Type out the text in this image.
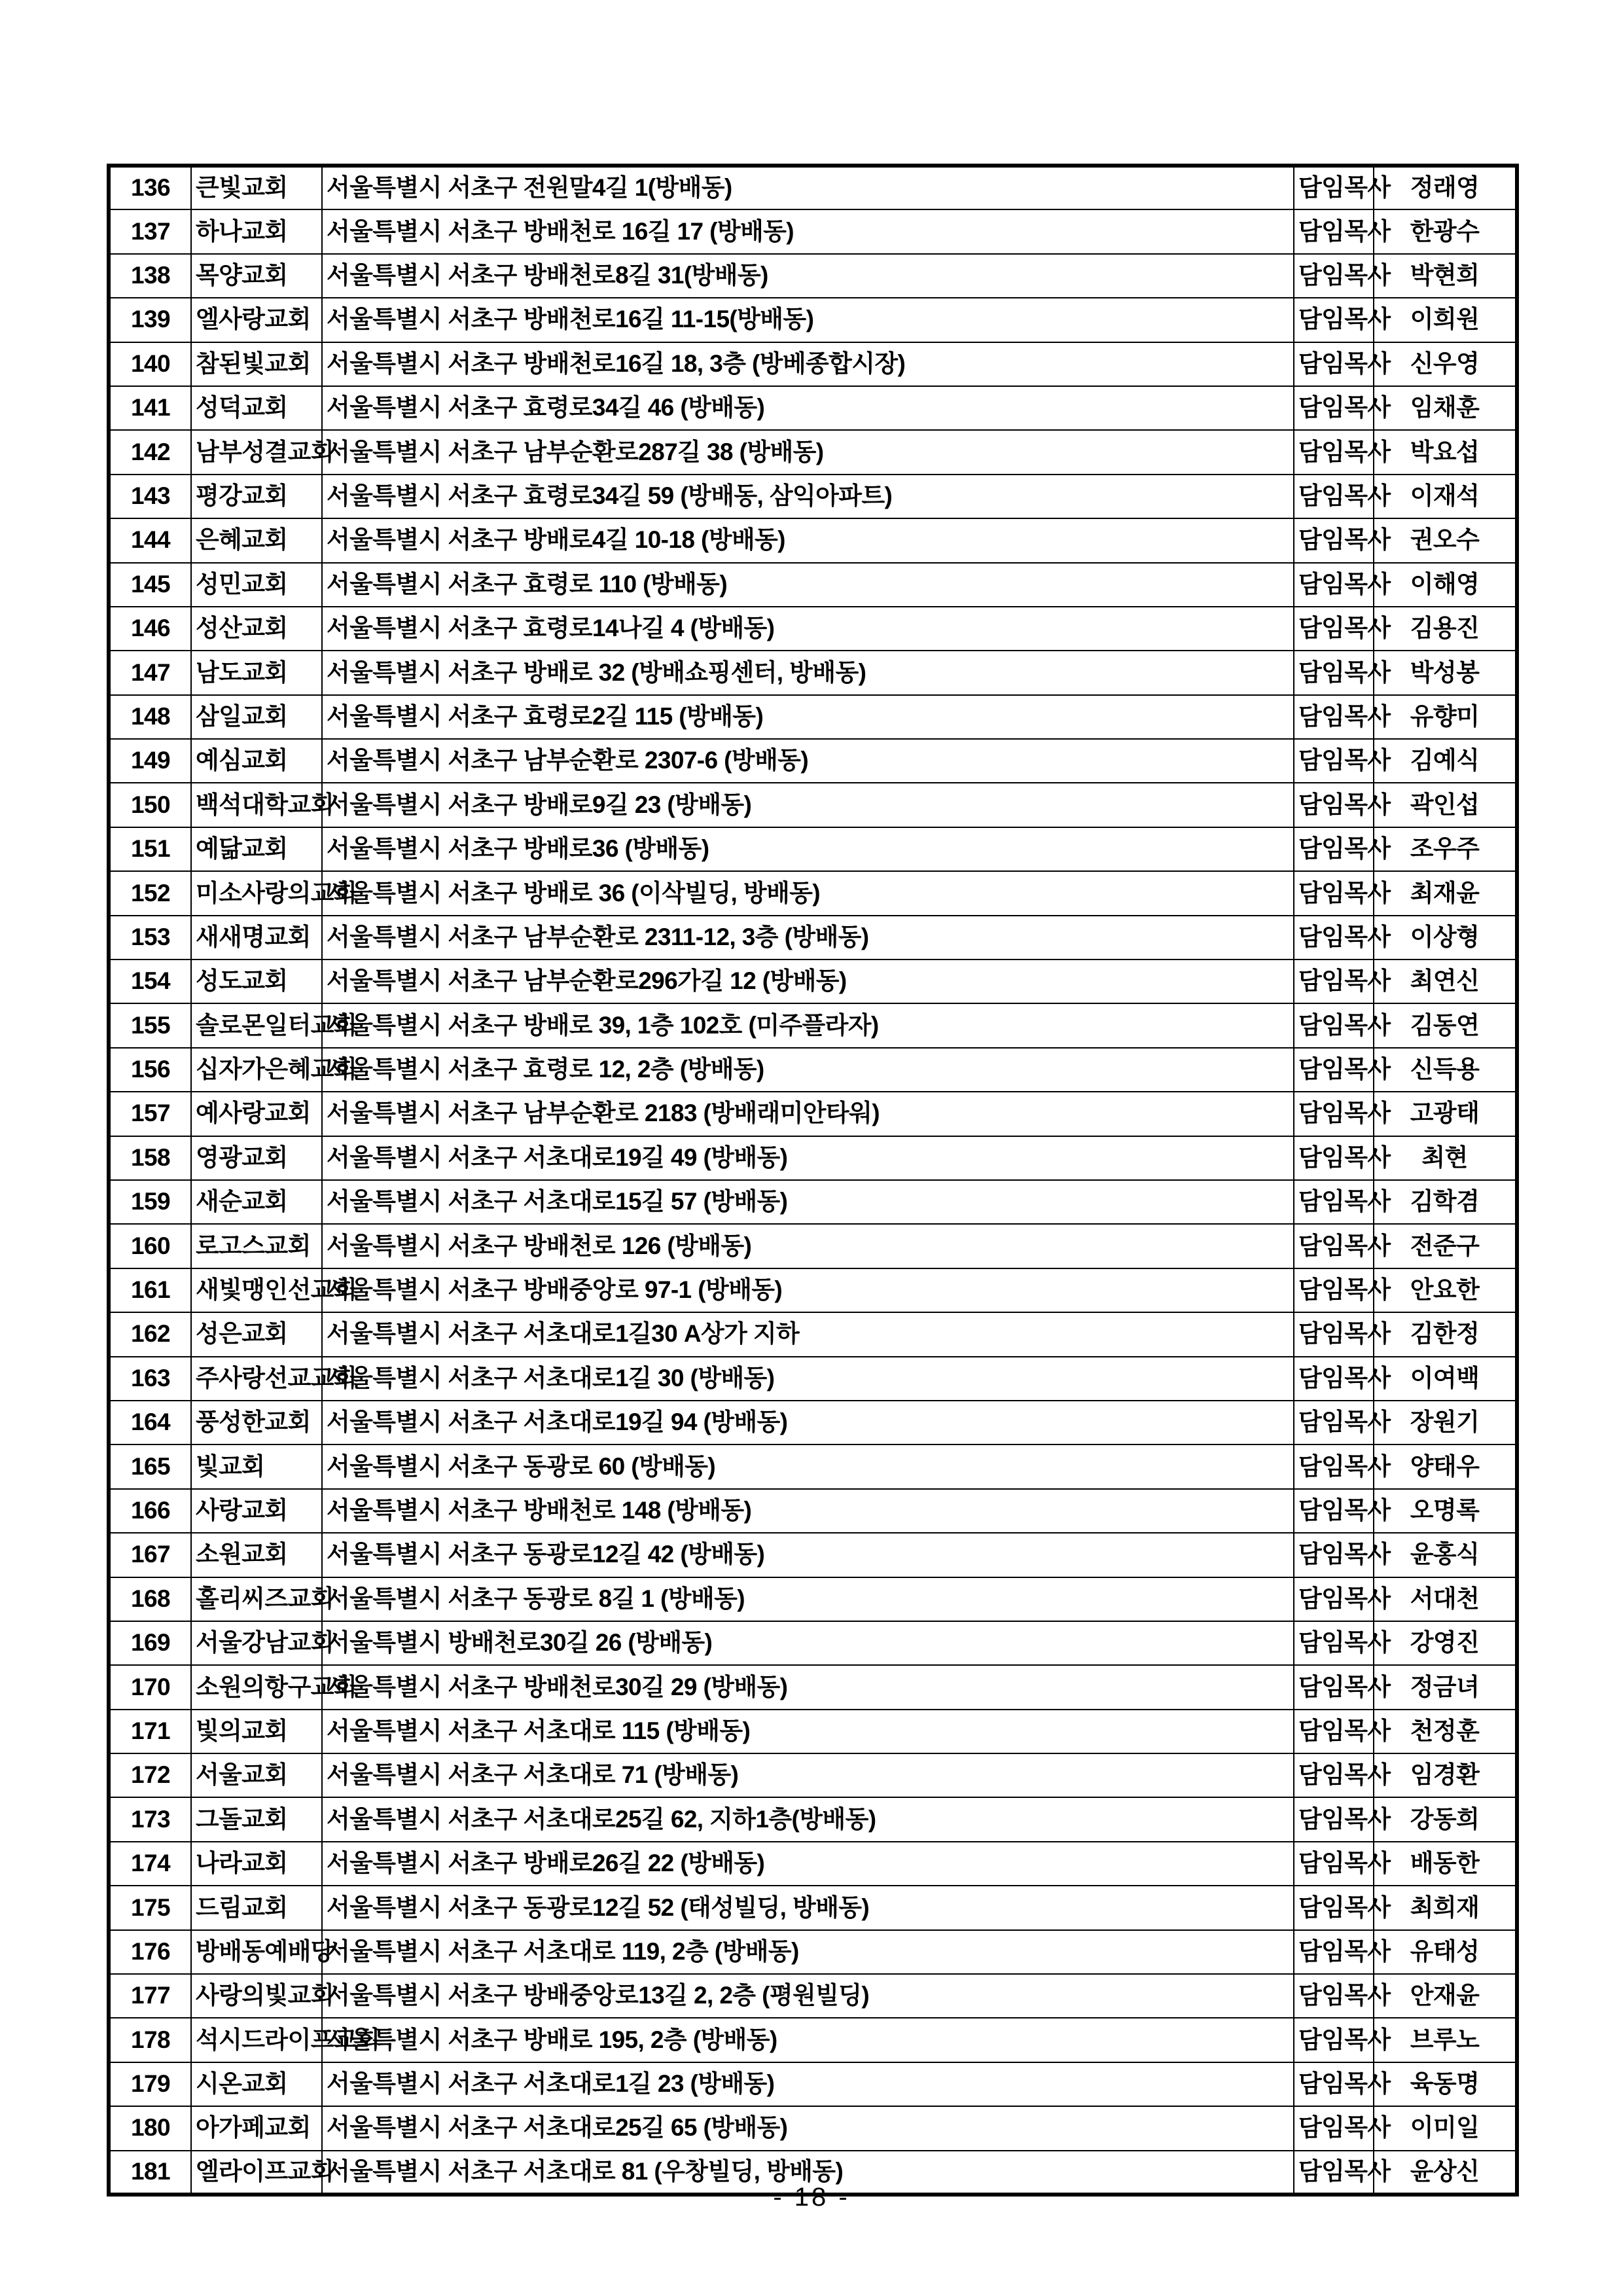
136	큰빛교회	서울특별시 서초구 전원말4길 1(방배동)	담임목사	정래영
137	하나교회	서울특별시 서초구 방배천로 16길 17 (방배동)	담임목사	한광수
138	목양교회	서울특별시 서초구 방배천로8길 31(방배동)	담임목사	박현희
139	엘사랑교회	서울특별시 서초구 방배천로16길 11-15(방배동)	담임목사	이희원
140	참된빛교회	서울특별시 서초구 방배천로16길 18, 3층 (방베종합시장)	담임목사	신우영
141	성덕교회	서울특별시 서초구 효령로34길 46 (방배동)	담임목사	임채훈
142	남부성결교회	서울특별시 서초구 남부순환로287길 38 (방배동)	담임목사	박요섭
143	평강교회	서울특별시 서초구 효령로34길 59 (방배동, 삼익아파트)	담임목사	이재석
144	은혜교회	서울특별시 서초구 방배로4길 10-18 (방배동)	담임목사	권오수
145	성민교회	서울특별시 서초구 효령로 110 (방배동)	담임목사	이해영
146	성산교회	서울특별시 서초구 효령로14나길 4 (방배동)	담임목사	김용진
147	남도교회	서울특별시 서초구 방배로 32 (방배쇼핑센터, 방배동)	담임목사	박성봉
148	삼일교회	서울특별시 서초구 효령로2길 115 (방배동)	담임목사	유향미
149	예심교회	서울특별시 서초구 남부순환로 2307-6 (방배동)	담임목사	김예식
150	백석대학교회	서울특별시 서초구 방배로9길 23 (방배동)	담임목사	곽인섭
151	예닮교회	서울특별시 서초구 방배로36 (방배동)	담임목사	조우주
152	미소사랑의교회	서울특별시 서초구 방배로 36 (이삭빌딩, 방배동)	담임목사	최재윤
153	새새명교회	서울특별시 서초구 남부순환로 2311-12, 3층 (방배동)	담임목사	이상형
154	성도교회	서울특별시 서초구 남부순환로296가길 12 (방배동)	담임목사	최연신
155	솔로몬일터교회	서울특별시 서초구 방배로 39, 1층 102호 (미주플라자)	담임목사	김동연
156	십자가은혜교회	서울특별시 서초구 효령로 12, 2층 (방배동)	담임목사	신득용
157	예사랑교회	서울특별시 서초구 남부순환로 2183 (방배래미안타워)	담임목사	고광태
158	영광교회	서울특별시 서초구 서초대로19길 49 (방배동)	담임목사	최현
159	새순교회	서울특별시 서초구 서초대로15길 57 (방배동)	담임목사	김학겸
160	로고스교회	서울특별시 서초구 방배천로 126 (방배동)	담임목사	전준구
161	새빛맹인선교회	서울특별시 서초구 방배중앙로 97-1 (방배동)	담임목사	안요한
162	성은교회	서울특별시 서초구 서초대로1길30 A상가 지하	담임목사	김한정
163	주사랑선교교회	서울특별시 서초구 서초대로1길 30 (방배동)	담임목사	이여백
164	풍성한교회	서울특별시 서초구 서초대로19길 94 (방배동)	담임목사	장원기
165	빛교회	서울특별시 서초구 동광로 60 (방배동)	담임목사	양태우
166	사랑교회	서울특별시 서초구 방배천로 148 (방배동)	담임목사	오명록
167	소원교회	서울특별시 서초구 동광로12길 42 (방배동)	담임목사	윤홍식
168	홀리씨즈교회	서울특별시 서초구 동광로 8길 1 (방배동)	담임목사	서대천
169	서울강남교회	서울특별시 방배천로30길 26 (방배동)	담임목사	강영진
170	소원의항구교회	서울특별시 서초구 방배천로30길 29 (방배동)	담임목사	정금녀
171	빛의교회	서울특별시 서초구 서초대로 115 (방배동)	담임목사	천정훈
172	서울교회	서울특별시 서초구 서초대로 71 (방배동)	담임목사	임경환
173	그돌교회	서울특별시 서초구 서초대로25길 62, 지하1층(방배동)	담임목사	강동희
174	나라교회	서울특별시 서초구 방배로26길 22 (방배동)	담임목사	배동한
175	드림교회	서울특별시 서초구 동광로12길 52 (태성빌딩, 방배동)	담임목사	최희재
176	방배동예배당	서울특별시 서초구 서초대로 119, 2층 (방배동)	담임목사	유태성
177	사랑의빛교회	서울특별시 서초구 방배중앙로13길 2, 2층 (평원빌딩)	담임목사	안재윤
178	석시드라이프교회	서울특별시 서초구 방배로 195, 2층 (방배동)	담임목사	브루노
179	시온교회	서울특별시 서초구 서초대로1길 23 (방배동)	담임목사	육동명
180	아가페교회	서울특별시 서초구 서초대로25길 65 (방배동)	담임목사	이미일
181	엘라이프교회	서울특별시 서초구 서초대로 81 (우창빌딩, 방배동)	담임목사	윤상신
- 18 -
